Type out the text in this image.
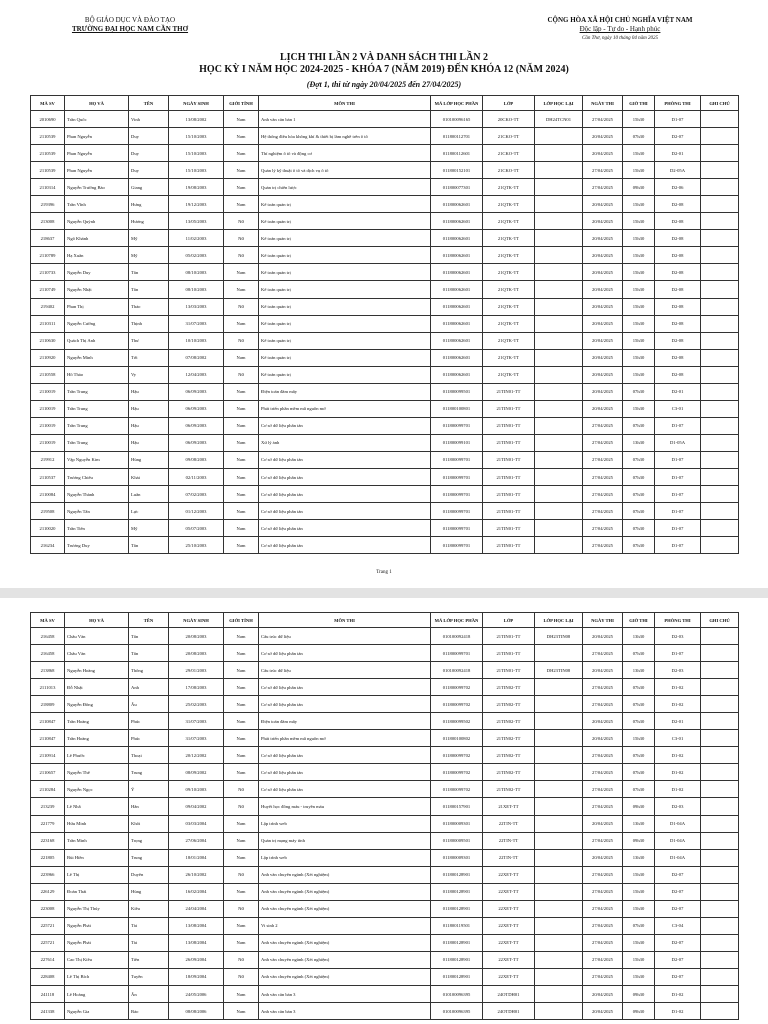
BỘ GIÁO DỤC VÀ ĐÀO TẠO
TRƯỜNG ĐẠI HỌC NAM CẦN THƠ
CỘNG HÒA XÃ HỘI CHỦ NGHĨA VIỆT NAM
Độc lập - Tự do - Hạnh phúc
Cần Thơ, ngày 10 tháng 04 năm 2025
LỊCH THI LẦN 2 VÀ DANH SÁCH THI LẦN 2
HỌC KỲ I NĂM HỌC 2024-2025 - KHÓA 7 (NĂM 2019) ĐẾN KHÓA 12 (NĂM 2024)
(Đợt 1, thi từ ngày 20/04/2025 đến 27/04/2025)
MÃ SV	HỌ VÀ	TÊN	NGÀY SINH	GIỚI TÍNH	MÔN THI	MÃ LỚP HỌC PHẦN	LỚP	LỚP HỌC LẠI	NGÀY THI	GIỜ THI	PHÒNG THI	GHI CHÚ
2010690	Trần Quốc	Vinh	13/08/2002	Nam	Anh văn căn bản 1	010100096165	20CKO-TT	DH24TCN01	27/04/2025	15h30	D1-07	
2110539	Phan Nguyễn	Duy	15/10/2003	Nam	Hệ thống điều hòa không khí & thiết bị làm nghề trên ô tô	011800112701	21CKO-TT		20/04/2025	07h30	D2-07	
2110539	Phan Nguyễn	Duy	15/10/2003	Nam	Thí nghiệm ô tô và động cơ	011800112601	21CKO-TT		20/04/2025	15h30	D2-01	
2110539	Phan Nguyễn	Duy	15/10/2003	Nam	Quản lý kỹ thuật ô tô và dịch vụ ô tô	011800152101	21CKO-TT		27/04/2025	15h30	D2-05A	
2110314	Nguyễn Trường Bảo	Giang	19/08/2003	Nam	Quản trị chiến lược	011800077301	21QTK-TT		27/04/2025	09h30	D2-06	
219396	Trần Vĩnh	Hưng	19/12/2003	Nam	Kế toán quản trị	011800062601	21QTK-TT		20/04/2025	15h30	D2-08	
213008	Nguyễn Quỳnh	Hương	13/05/2003	Nữ	Kế toán quản trị	011800062601	21QTK-TT		20/04/2025	15h30	D2-08	
218637	Ngô Khánh	Mỹ	11/02/2003	Nữ	Kế toán quản trị	011800062601	21QTK-TT		20/04/2025	15h30	D2-08	
2110789	Hạ Xuân	Mỹ	05/02/2003	Nữ	Kế toán quản trị	011800062601	21QTK-TT		20/04/2025	15h30	D2-08	
2110733	Nguyễn Duy	Tân	08/10/2003	Nam	Kế toán quản trị	011800062601	21QTK-TT		20/04/2025	15h30	D2-08	
2110749	Nguyễn Nhật	Tân	08/10/2003	Nam	Kế toán quản trị	011800062601	21QTK-TT		20/04/2025	15h30	D2-08	
219402	Phan Thị	Thảo	13/03/2003	Nữ	Kế toán quản trị	011800062601	21QTK-TT		20/04/2025	15h30	D2-08	
2110311	Nguyễn Cường	Thịnh	31/07/2003	Nam	Kế toán quản trị	011800062601	21QTK-TT		20/04/2025	15h30	D2-08	
2110630	Quách Thị Anh	Thư	10/10/2003	Nữ	Kế toán quản trị	011800062601	21QTK-TT		20/04/2025	15h30	D2-08	
2110920	Nguyễn Minh	Tới	07/08/2002	Nam	Kế toán quản trị	011800062601	21QTK-TT		20/04/2025	15h30	D2-08	
2110558	Hồ Thảo	Vy	12/04/2003	Nữ	Kế toán quản trị	011800062601	21QTK-TT		20/04/2025	15h30	D2-08	
2110019	Trần Trung	Hậu	06/09/2003	Nam	Điện toán đám mây	011800099501	21TIN01-TT		20/04/2025	07h30	D2-01	
2110019	Trần Trung	Hậu	06/09/2003	Nam	Phát triển phần mềm mã nguồn mở	011800100801	21TIN01-TT		20/04/2025	15h30	C3-01	
2110019	Trần Trung	Hậu	06/09/2003	Nam	Cơ sở dữ liệu phân tán	011800099701	21TIN01-TT		27/04/2025	07h30	D1-07	
2110019	Trần Trung	Hậu	06/09/2003	Nam	Xử lý ảnh	011800099101	21TIN01-TT		27/04/2025	13h30	D1-05A	
219912	Vặp Nguyễn Kim	Hùng	09/08/2003	Nam	Cơ sở dữ liệu phân tán	011800099701	21TIN01-TT		27/04/2025	07h30	D1-07	
2110537	Trương Chiếu	Khải	02/11/2003	Nam	Cơ sở dữ liệu phân tán	011800099701	21TIN01-TT		27/04/2025	07h30	D1-07	
2110084	Nguyễn Thành	Luân	07/02/2003	Nam	Cơ sở dữ liệu phân tán	011800099701	21TIN01-TT		27/04/2025	07h30	D1-07	
219508	Nguyễn Tấn	Lực	01/12/2003	Nam	Cơ sở dữ liệu phân tán	011800099701	21TIN01-TT		27/04/2025	07h30	D1-07	
2110020	Trần Tiến	Mỹ	05/07/2003	Nam	Cơ sở dữ liệu phân tán	011800099701	21TIN01-TT		27/04/2025	07h30	D1-07	
216234	Trương Duy	Tân	25/10/2003	Nam	Cơ sở dữ liệu phân tán	011800099701	21TIN01-TT		27/04/2025	07h30	D1-07	
Trang 1
MÃ SV	HỌ VÀ	TÊN	NGÀY SINH	GIỚI TÍNH	MÔN THI	MÃ LỚP HỌC PHẦN	LỚP	LỚP HỌC LẠI	NGÀY THI	GIỜ THI	PHÒNG THI	GHI CHÚ
216458	Châu Văn	Tấn	20/08/2003	Nam	Cấu trúc dữ liệu	010100092418	21TIN01-TT	DH23TIN08	20/04/2025	13h30	D2-03	
216458	Châu Văn	Tấn	20/08/2003	Nam	Cơ sở dữ liệu phân tán	011800099701	21TIN01-TT		27/04/2025	07h30	D1-07	
213868	Nguyễn Hoàng	Thông	29/01/2003	Nam	Cấu trúc dữ liệu	010100092418	21TIN01-TT	DH23TIN08	20/04/2025	13h30	D2-03	
2111013	Đỗ Nhật	Anh	17/08/2003	Nam	Cơ sở dữ liệu phân tán	011800099702	21TIN02-TT		27/04/2025	07h30	D1-02	
218809	Nguyễn Đông	Âu	25/02/2003	Nam	Cơ sở dữ liệu phân tán	011800099702	21TIN02-TT		27/04/2025	07h30	D1-02	
2110847	Trần Hoàng	Phúc	31/07/2003	Nam	Điện toán đám mây	011800099502	21TIN02-TT		20/04/2025	07h30	D2-01	
2110847	Trần Hoàng	Phúc	31/07/2003	Nam	Phát triển phần mềm mã nguồn mở	011800100802	21TIN02-TT		20/04/2025	15h30	C3-01	
2110914	Lê Phước	Thoại	20/12/2002	Nam	Cơ sở dữ liệu phân tán	011800099702	21TIN02-TT		27/04/2025	07h30	D1-02	
2110657	Nguyễn Thế	Trung	08/09/2002	Nam	Cơ sở dữ liệu phân tán	011800099702	21TIN02-TT		27/04/2025	07h30	D1-02	
2110284	Nguyễn Ngọc	Ý	09/10/2003	Nữ	Cơ sở dữ liệu phân tán	011800099702	21TIN02-TT		27/04/2025	07h30	D1-02	
213239	Lê Nhã	Hân	09/04/2002	Nữ	Huyết học đông máu - truyền máu	011800157901	21XET-TT		27/04/2025	09h30	D2-03	
221779	Hửu Minh	Khôi	03/03/2004	Nam	Lập trình web	011800009301	22TIN-TT		20/04/2025	13h30	D1-04A	
223168	Trần Minh	Trọng	27/06/2004	Nam	Quản trị mạng máy tính	011800009501	22TIN-TT		27/04/2025	09h30	D1-04A	
221805	Bùi Hiền	Trung	18/01/2004	Nam	Lập trình web	011800009301	22TIN-TT		20/04/2025	13h30	D1-04A	
223966	Lê Thị	Duyên	26/10/2002	Nữ	Anh văn chuyên ngành (Xét nghiệm)	011800128901	22XET-TT		27/04/2025	15h30	D2-07	
226129	Đoàn Thái	Hùng	16/02/2004	Nam	Anh văn chuyên ngành (Xét nghiệm)	011800128901	22XET-TT		27/04/2025	15h30	D2-07	
223008	Nguyễn Thị Thúy	Kiều	24/04/2004	Nữ	Anh văn chuyên ngành (Xét nghiệm)	011800128901	22XET-TT		27/04/2025	15h30	D2-07	
225721	Nguyễn Phát	Tài	13/08/2004	Nam	Vi sinh 2	011800119501	22XET-TT		27/04/2025	07h30	C3-04	
225721	Nguyễn Phát	Tài	13/08/2004	Nam	Anh văn chuyên ngành (Xét nghiệm)	011800128901	22XET-TT		27/04/2025	15h30	D2-07	
227614	Cao Thị Kiều	Tiên	26/09/2004	Nữ	Anh văn chuyên ngành (Xét nghiệm)	011800128901	22XET-TT		27/04/2025	15h30	D2-07	
228408	Lê Thị Bích	Tuyền	18/09/2004	Nữ	Anh văn chuyên ngành (Xét nghiệm)	011800128901	22XET-TT		27/04/2025	15h30	D2-07	
241118	Lê Hoàng	Ân	24/05/2006	Nam	Anh văn căn bản 3	010100096395	24OTDH01		20/04/2025	09h30	D1-02	
241338	Nguyễn Gia	Bảo	08/08/2006	Nam	Anh văn căn bản 3	010100096395	24OTDH01		20/04/2025	09h30	D1-02	
